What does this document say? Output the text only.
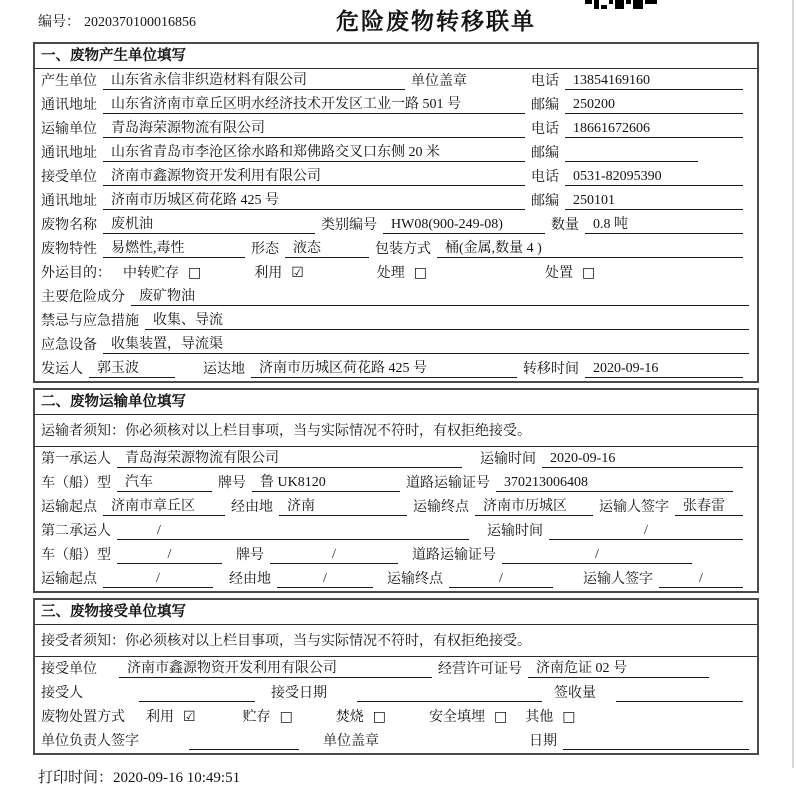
编号： 2020370100016856	危险废物转移联单
一、废物产生单位填写
产生单位	山东省永信非织造材料有限公司	单位盖章	电话	13854169160
通讯地址	山东省济南市章丘区明水经济技术开发区工业一路 501 号	邮编	250200
运输单位	青岛海荣源物流有限公司	电话	18661672606
通讯地址	山东省青岛市李沧区徐水路和郑佛路交叉口东侧 20 米	邮编
接受单位	济南市鑫源物资开发利用有限公司	电话	0531-82095390
通讯地址	济南市历城区荷花路 425 号	邮编	250101
废物名称	废机油	类别编号	HW08(900-249-08)	数量	0.8 吨
废物特性	易燃性,毒性	形态	液态	包装方式	桶(金属,数量 4 )
外运目的： 中转贮存 □	利用 ☑	处理 □	处置 □
主要危险成分	废矿物油
禁忌与应急措施	收集、导流
应急设备	收集装置，导流渠
发运人	郭玉波	运达地	济南市历城区荷花路 425 号	转移时间	2020-09-16
二、废物运输单位填写
运输者须知：你必须核对以上栏目事项，当与实际情况不符时，有权拒绝接受。
第一承运人	青岛海荣源物流有限公司	运输时间	2020-09-16
车（船）型	汽车	牌号	鲁 UK8120	道路运输证号	370213006408
运输起点	济南市章丘区	经由地	济南	运输终点	济南市历城区	运输人签字	张春雷
第二承运人	/	运输时间	/
车（船）型	/	牌号	/	道路运输证号	/
运输起点	/	经由地	/	运输终点	/	运输人签字	/
三、废物接受单位填写
接受者须知：你必须核对以上栏目事项，当与实际情况不符时，有权拒绝接受。
接受单位	济南市鑫源物资开发利用有限公司	经营许可证号	济南危证 02 号
接受人	接受日期	签收量
废物处置方式 利用 ☑	贮存 □	焚烧 □	安全填埋 □ 其他 □
单位负责人签字	单位盖章	日期
打印时间：2020-09-16 10:49:51
